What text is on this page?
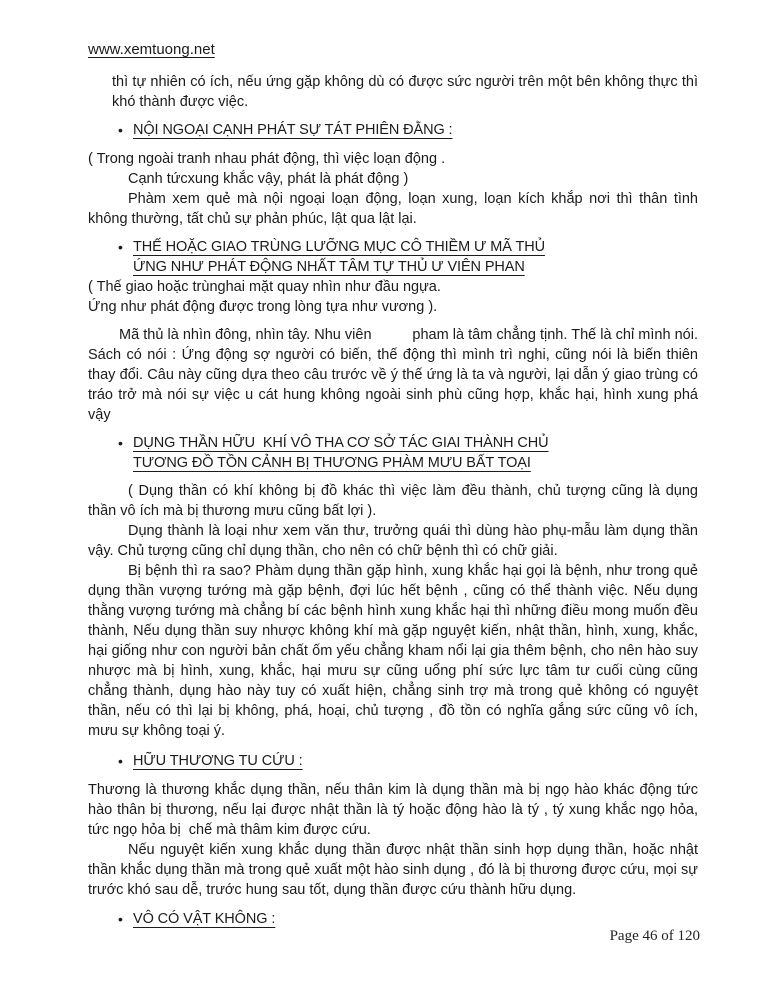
www.xemtuong.net

thì tự nhiên có ích, nếu ứng gặp không dù có được sức người trên một bên không thực thì khó thành được việc.

• NỘI NGOẠI CẠNH PHÁT SỰ TÁT PHIÊN ĐẰNG :

( Trong ngoài tranh nhau phát động, thì việc loạn động .

Cạnh tứcxung khắc vậy, phát là phát động )

Phàm xem quẻ mà nội ngoại loạn động, loạn xung, loạn kích khắp nơi thì thân tình không thường, tất chủ sự phản phúc, lật qua lật lại.

• THẾ HOẶC GIAO TRÙNG LƯỠNG MỤC CÔ THIỀM Ư MÃ THỦ
ỨNG NHƯ PHÁT ĐỘNG NHẤT TÂM TỰ THỦ Ư VIÊN PHAN

( Thế giao hoặc trùnghai mặt quay nhìn như đầu ngựa.

Ứng như phát động được trong lòng tựa như vương ).

Mã thủ là nhìn đông, nhìn tây. Nhu viên          pham là tâm chẳng tịnh. Thế là chỉ mình nói. Sách có nói : Ứng động sợ người có biến, thế động thì mình trì nghi, cũng nói là biến thiên thay đổi. Câu này cũng dựa theo câu trước về ý thế ứng là ta và người, lại dẫn ý giao trùng có tráo trở mà nói sự việc u cát hung không ngoài sinh phù cũng hợp, khắc hại, hình xung phá vậy

• DỤNG THẦN HỮU  KHÍ VÔ THA CƠ SỞ TÁC GIAI THÀNH CHỦ
TƯƠNG ĐỒ TỒN CẢNH BỊ THƯƠNG PHÀM MƯU BẤT TOẠI

( Dụng thần có khí không bị đồ khác thì việc làm đều thành, chủ tượng cũng là dụng thần vô ích mà bị thương mưu cũng bất lợi ).

Dụng thành là loại như xem văn thư, trưởng quái thì dùng hào phụ-mẫu làm dụng thần vậy. Chủ tượng cũng chỉ dụng thần, cho nên có chữ bệnh thì có chữ giải.

Bị bệnh thì ra sao? Phàm dụng thần gặp hình, xung khắc hại gọi là bệnh, như trong quẻ dụng thần vượng tướng mà gặp bệnh, đợi lúc hết bệnh , cũng có thể thành việc. Nếu dụng thằng vượng tướng mà chẳng bí các bệnh hình xung khắc hại thì những điều mong muốn đều thành, Nếu dụng thần suy nhược không khí mà gặp nguyệt kiến, nhật thần, hình, xung, khắc, hại giống như con người bản chất ốm yếu chẳng kham nổi lại gia thêm bệnh, cho nên hào suy nhược mà bị hình, xung, khắc, hại mưu sự cũng uổng phí sức lực tâm tư cuối cùng cũng chẳng thành, dụng hào này tuy có xuất hiện, chẳng sinh trợ mà trong quẻ không có nguyệt thần, nếu có thì lại bị không, phá, hoại, chủ tượng , đồ tồn có nghĩa gắng sức cũng vô ích, mưu sự không toại ý.

• HỮU THƯƠNG TU CỨU :

Thương là thương khắc dụng thần, nếu thân kim là dụng thần mà bị ngọ hào khác động tức hào thân bị thương, nếu lại được nhật thần là tý hoặc động hào là tý , tý xung khắc ngọ hỏa, tức ngọ hỏa bị  chế mà thâm kim được cứu.

Nếu nguyệt kiến xung khắc dụng thần được nhật thần sinh hợp dụng thần, hoặc nhật thần khắc dụng thần mà trong quẻ xuất một hào sinh dụng , đó là bị thương được cứu, mọi sự trước khó sau dễ, trước hung sau tốt, dụng thần được cứu thành hữu dụng.

• VÔ CÓ VẬT KHÔNG :
Page 46 of 120
